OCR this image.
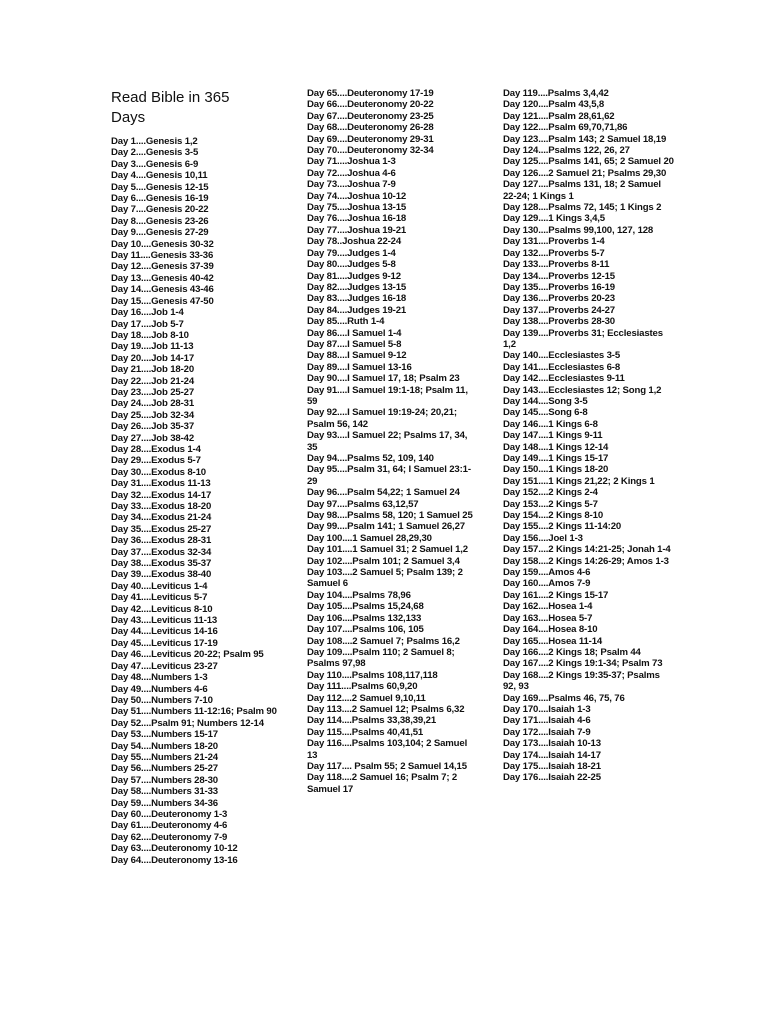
Read Bible in 365 Days
Day 1....Genesis 1,2
Day 2....Genesis 3-5
Day 3....Genesis 6-9
Day 4....Genesis 10,11
Day 5....Genesis 12-15
Day 6....Genesis 16-19
Day 7....Genesis 20-22
Day 8....Genesis 23-26
Day 9....Genesis 27-29
Day 10....Genesis 30-32
Day 11....Genesis 33-36
Day 12....Genesis 37-39
Day 13....Genesis 40-42
Day 14....Genesis 43-46
Day 15....Genesis 47-50
Day 16....Job 1-4
Day 17....Job 5-7
Day 18....Job 8-10
Day 19....Job 11-13
Day 20....Job 14-17
Day 21....Job 18-20
Day 22....Job 21-24
Day 23....Job 25-27
Day 24....Job 28-31
Day 25....Job 32-34
Day 26....Job 35-37
Day 27....Job 38-42
Day 28....Exodus 1-4
Day 29....Exodus 5-7
Day 30....Exodus 8-10
Day 31....Exodus 11-13
Day 32....Exodus 14-17
Day 33....Exodus 18-20
Day 34....Exodus 21-24
Day 35....Exodus 25-27
Day 36....Exodus 28-31
Day 37....Exodus 32-34
Day 38....Exodus 35-37
Day 39....Exodus 38-40
Day 40....Leviticus 1-4
Day 41....Leviticus 5-7
Day 42....Leviticus 8-10
Day 43....Leviticus 11-13
Day 44....Leviticus 14-16
Day 45....Leviticus 17-19
Day 46....Leviticus 20-22; Psalm 95
Day 47....Leviticus 23-27
Day 48....Numbers 1-3
Day 49....Numbers 4-6
Day 50....Numbers 7-10
Day 51....Numbers 11-12:16; Psalm 90
Day 52....Psalm 91; Numbers 12-14
Day 53....Numbers 15-17
Day 54....Numbers 18-20
Day 55....Numbers 21-24
Day 56....Numbers 25-27
Day 57....Numbers 28-30
Day 58....Numbers 31-33
Day 59....Numbers 34-36
Day 60....Deuteronomy 1-3
Day 61....Deuteronomy 4-6
Day 62....Deuteronomy 7-9
Day 63....Deuteronomy 10-12
Day 64....Deuteronomy 13-16
Day 65....Deuteronomy 17-19
Day 66....Deuteronomy 20-22
Day 67....Deuteronomy 23-25
Day 68....Deuteronomy 26-28
Day 69....Deuteronomy 29-31
Day 70....Deuteronomy 32-34
Day 71....Joshua 1-3
Day 72....Joshua 4-6
Day 73....Joshua 7-9
Day 74....Joshua 10-12
Day 75....Joshua 13-15
Day 76....Joshua 16-18
Day 77....Joshua 19-21
Day 78..Joshua 22-24
Day 79....Judges 1-4
Day 80....Judges 5-8
Day 81....Judges 9-12
Day 82....Judges 13-15
Day 83....Judges 16-18
Day 84....Judges 19-21
Day 85....Ruth 1-4
Day 86....I Samuel 1-4
Day 87....I Samuel 5-8
Day 88....I Samuel 9-12
Day 89....I Samuel 13-16
Day 90....I Samuel 17, 18; Psalm 23
Day 91....I Samuel 19:1-18; Psalm 11, 59
Day 92....I Samuel 19:19-24; 20,21; Psalm 56, 142
Day 93....I Samuel 22; Psalms 17, 34, 35
Day 94....Psalms 52, 109, 140
Day 95....Psalm 31, 64; I Samuel 23:1-29
Day 96....Psalm 54,22; 1 Samuel 24
Day 97....Psalms 63,12,57
Day 98....Psalms 58, 120; 1 Samuel 25
Day 99....Psalm 141; 1 Samuel 26,27
Day 100....1 Samuel 28,29,30
Day 101....1 Samuel 31; 2 Samuel 1,2
Day 102....Psalm 101; 2 Samuel 3,4
Day 103....2 Samuel 5; Psalm 139; 2 Samuel 6
Day 104....Psalms 78,96
Day 105....Psalms 15,24,68
Day 106....Psalms 132,133
Day 107....Psalms 106, 105
Day 108....2 Samuel 7; Psalms 16,2
Day 109....Psalm 110; 2 Samuel 8; Psalms 97,98
Day 110....Psalms 108,117,118
Day 111....Psalms 60,9,20
Day 112....2 Samuel 9,10,11
Day 113....2 Samuel 12; Psalms 6,32
Day 114....Psalms 33,38,39,21
Day 115....Psalms 40,41,51
Day 116....Psalms 103,104; 2 Samuel 13
Day 117.... Psalm 55; 2 Samuel 14,15
Day 118....2 Samuel 16; Psalm 7; 2 Samuel 17
Day 119....Psalms 3,4,42
Day 120....Psalm 43,5,8
Day 121....Psalm 28,61,62
Day 122....Psalm 69,70,71,86
Day 123....Psalm 143; 2 Samuel 18,19
Day 124....Psalms 122, 26, 27
Day 125....Psalms 141, 65; 2 Samuel 20
Day 126....2 Samuel 21; Psalms 29,30
Day 127....Psalms 131, 18; 2 Samuel 22-24; 1 Kings 1
Day 128....Psalms 72, 145; 1 Kings 2
Day 129....1 Kings 3,4,5
Day 130....Psalms 99,100, 127, 128
Day 131....Proverbs 1-4
Day 132....Proverbs 5-7
Day 133....Proverbs 8-11
Day 134....Proverbs 12-15
Day 135....Proverbs 16-19
Day 136....Proverbs 20-23
Day 137....Proverbs 24-27
Day 138....Proverbs 28-30
Day 139....Proverbs 31; Ecclesiastes 1,2
Day 140....Ecclesiastes 3-5
Day 141....Ecclesiastes 6-8
Day 142....Ecclesiastes 9-11
Day 143....Ecclesiastes 12; Song 1,2
Day 144....Song 3-5
Day 145....Song 6-8
Day 146....1 Kings 6-8
Day 147....1 Kings 9-11
Day 148....1 Kings 12-14
Day 149....1 Kings 15-17
Day 150....1 Kings 18-20
Day 151....1 Kings 21,22; 2 Kings 1
Day 152....2 Kings 2-4
Day 153....2 Kings 5-7
Day 154....2 Kings 8-10
Day 155....2 Kings 11-14:20
Day 156....Joel 1-3
Day 157....2 Kings 14:21-25; Jonah 1-4
Day 158....2 Kings 14:26-29; Amos 1-3
Day 159....Amos 4-6
Day 160....Amos 7-9
Day 161....2 Kings 15-17
Day 162....Hosea 1-4
Day 163....Hosea 5-7
Day 164....Hosea 8-10
Day 165....Hosea 11-14
Day 166....2 Kings 18; Psalm 44
Day 167....2 Kings 19:1-34; Psalm 73
Day 168....2 Kings 19:35-37; Psalms 92, 93
Day 169....Psalms 46, 75, 76
Day 170....Isaiah 1-3
Day 171....Isaiah 4-6
Day 172....Isaiah 7-9
Day 173....Isaiah 10-13
Day 174....Isaiah 14-17
Day 175....Isaiah 18-21
Day 176....Isaiah 22-25
